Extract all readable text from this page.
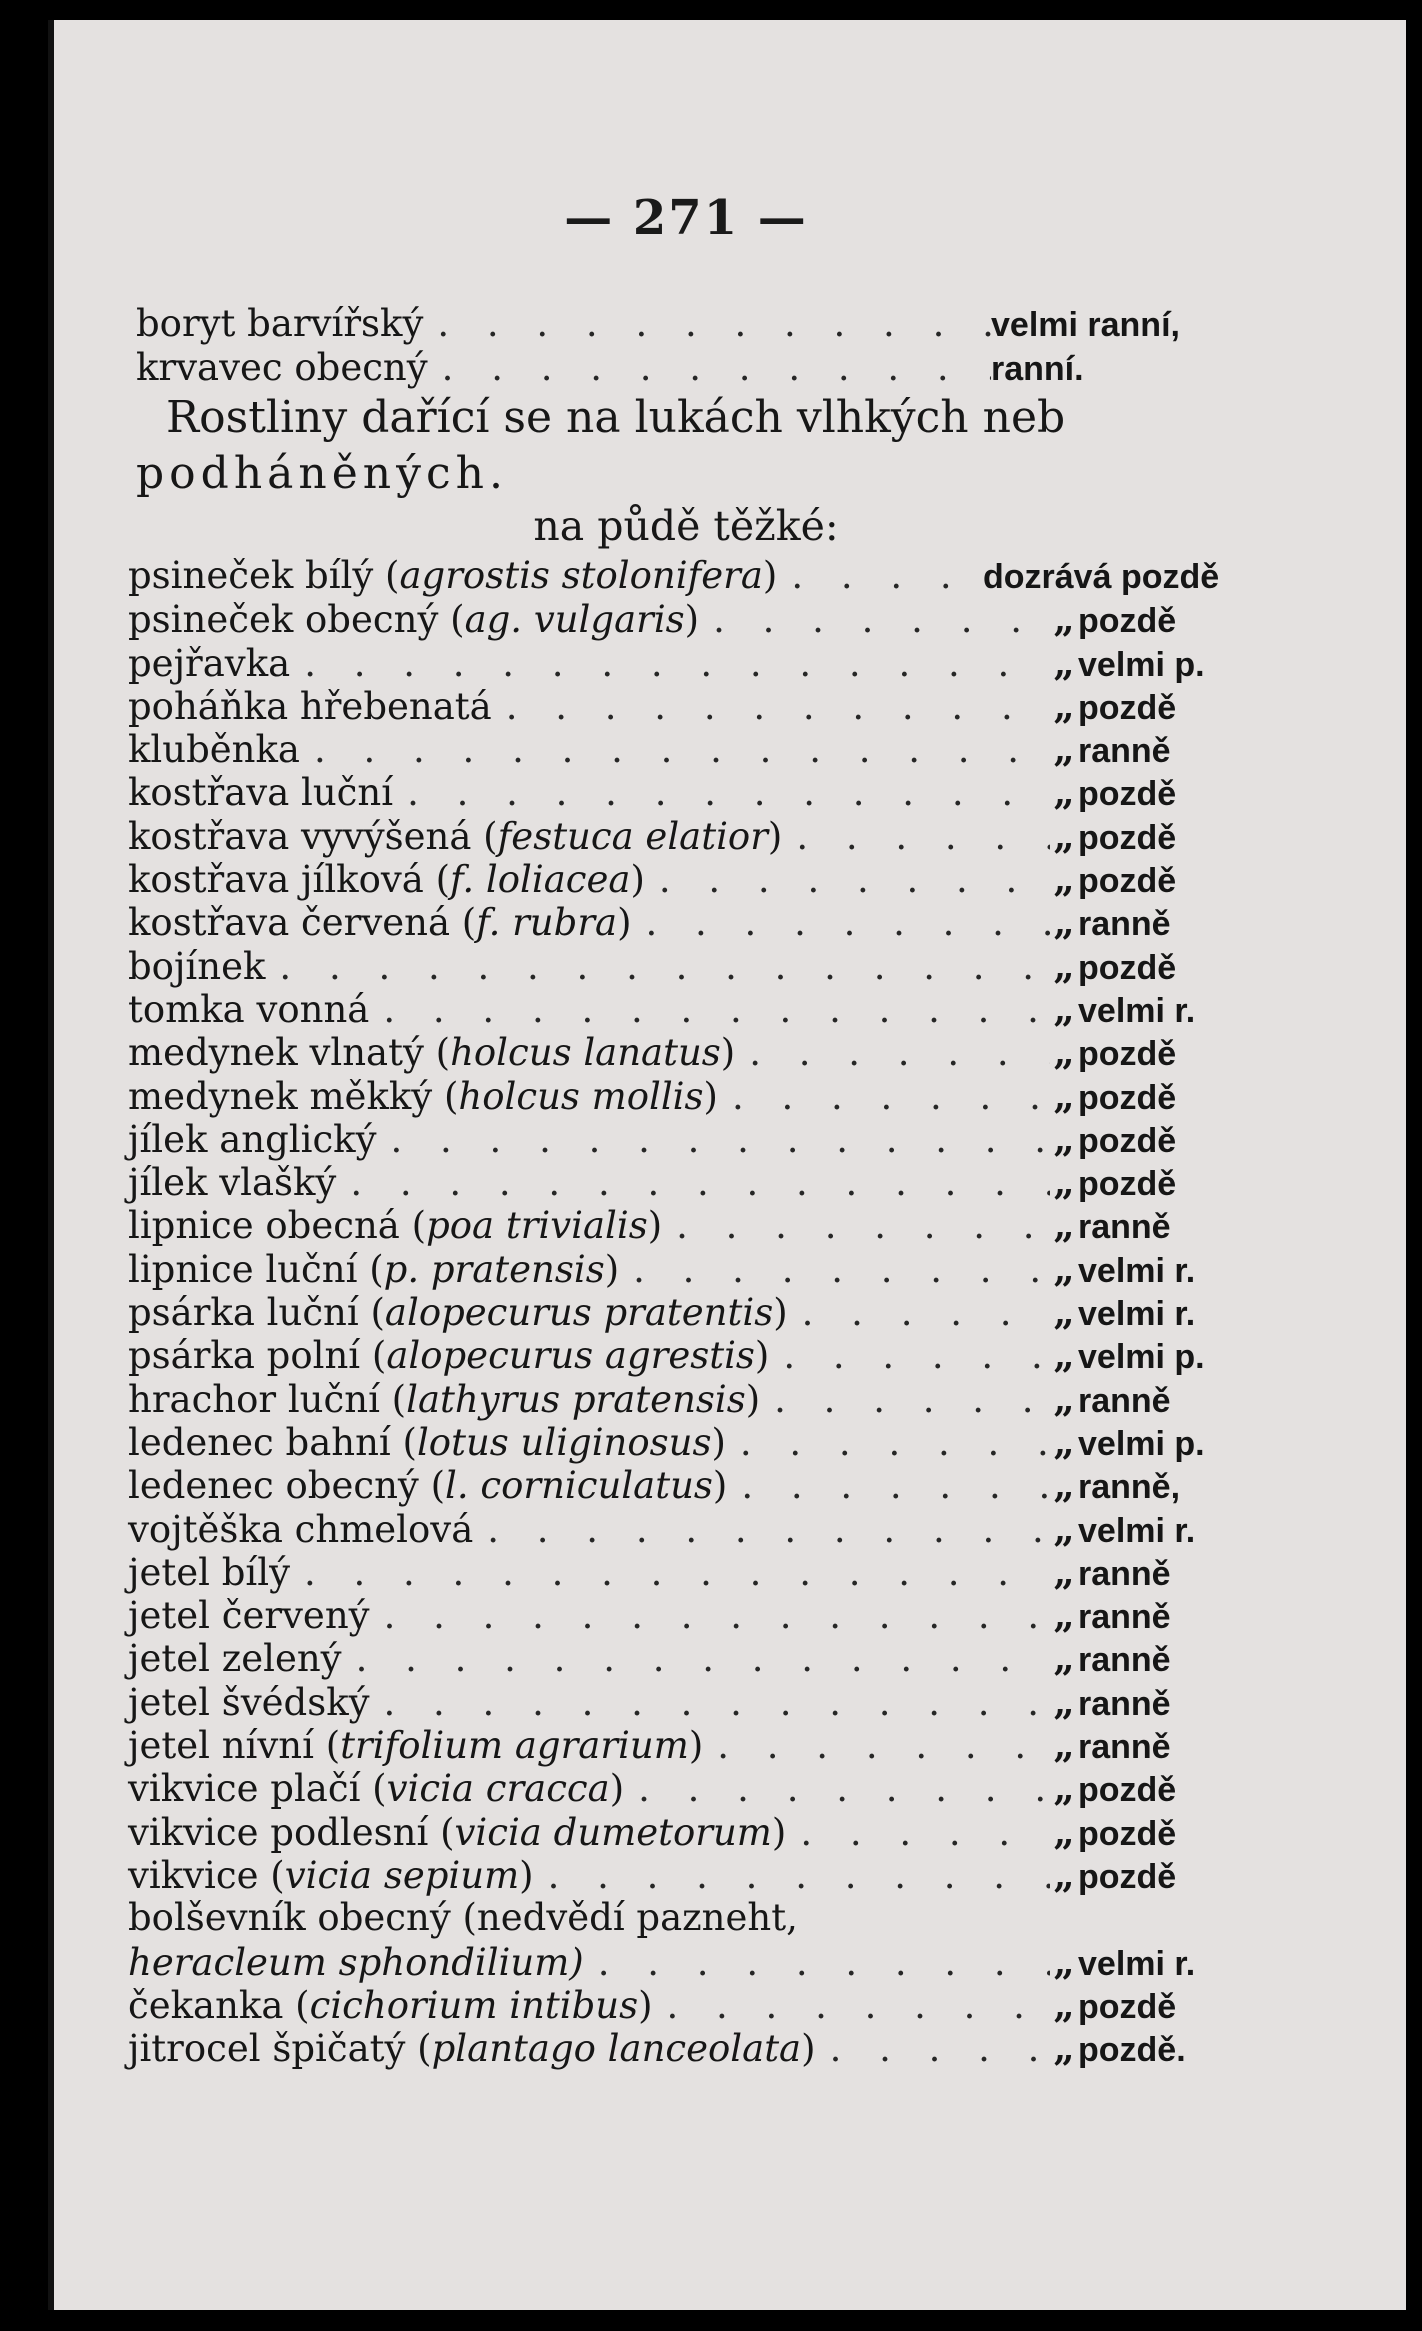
— 271 —
boryt barvířský . . .	velmi ranní,
krvavec obecný . . .	ranní.
Rostliny dařící se na lukách vlhkých neb
podháněných.
na půdě těžké:
psineček bílý (agrostis stolonifera) . . .	dozrává pozdě
psineček obecný (ag. vulgaris) . . .	„ pozdě
pejřavka . . .	„ velmi p.
poháňka hřebenatá . . .	„ pozdě
kluběnka . . .	„ ranně
kostřava luční . . .	„ pozdě
kostřava vyvýšená (festuca elatior) . . .	„ pozdě
kostřava jílková (f. loliacea) . . .	„ pozdě
kostřava červená (f. rubra) . . .	„ ranně
bojínek . . .	„ pozdě
tomka vonná . . .	„ velmi r.
medynek vlnatý (holcus lanatus) . . .	„ pozdě
medynek měkký (holcus mollis) . . .	„ pozdě
jílek anglický . . .	„ pozdě
jílek vlašký . . .	„ pozdě
lipnice obecná (poa trivialis) . . .	„ ranně
lipnice luční (p. pratensis) . . .	„ velmi r.
psárka luční (alopecurus pratentis) . . .	„ velmi r.
psárka polní (alopecurus agrestis) . . .	„ velmi p.
hrachor luční (lathyrus pratensis) . . .	„ ranně
ledenec bahní (lotus uliginosus) . . .	„ velmi p.
ledenec obecný (l. corniculatus) . . .	„ ranně,
vojtěška chmelová . . .	„ velmi r.
jetel bílý . . .	„ ranně
jetel červený . . .	„ ranně
jetel zelený . . .	„ ranně
jetel švédský . . .	„ ranně
jetel nívní (trifolium agrarium) . . .	„ ranně
vikvice plačí (vicia cracca) . . .	„ pozdě
vikvice podlesní (vicia dumetorum) . . .	„ pozdě
vikvice (vicia sepium) . . .	„ pozdě
bolševník obecný (nedvědí pazneht,
heracleum sphondilium) . . .	„ velmi r.
čekanka (cichorium intibus) . . .	„ pozdě
jitrocel špičatý (plantago lanceolata) . . .	„ pozdě.
